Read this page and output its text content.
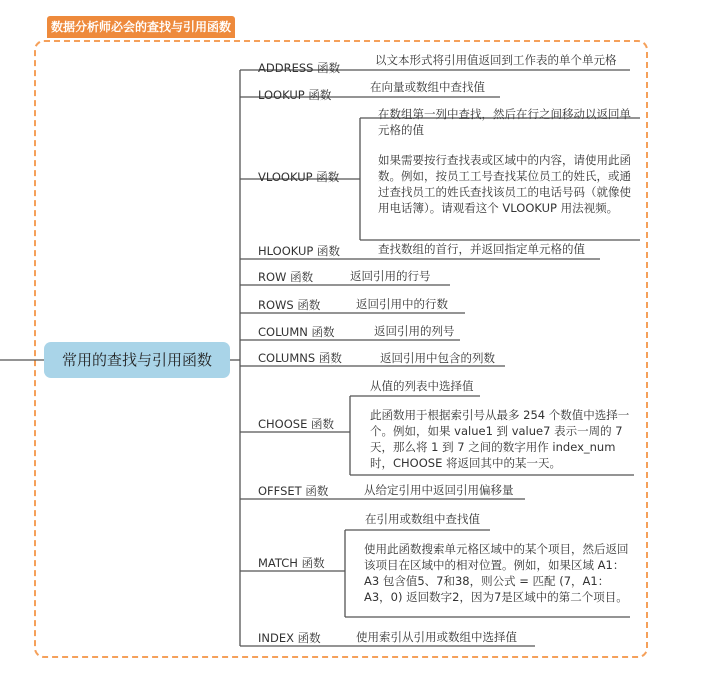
数据分析师必会的查找与引用函数
常用的查找与引用函数
ADDRESS 函数
以文本形式将引用值返回到工作表的单个单元格
LOOKUP 函数
在向量或数组中查找值
VLOOKUP 函数
在数组第一列中查找，然后在行之间移动以返回单元格的值
如果需要按行查找表或区域中的内容，请使用此函数。例如，按员工工号查找某位员工的姓氏，或通过查找员工的姓氏查找该员工的电话号码（就像使用电话簿）。请观看这个 VLOOKUP 用法视频。
HLOOKUP 函数	查找数组的首行，并返回指定单元格的值
ROW 函数	返回引用的行号
ROWS 函数	返回引用中的行数
COLUMN 函数	返回引用的列号
COLUMNS 函数	返回引用中包含的列数
CHOOSE 函数
从值的列表中选择值
此函数用于根据索引号从最多 254 个数值中选择一个。例如，如果 value1 到 value7 表示一周的 7 天，那么将 1 到 7 之间的数字用作 index_num 时，CHOOSE 将返回其中的某一天。
OFFSET 函数	从给定引用中返回引用偏移量
MATCH 函数
在引用或数组中查找值
使用此函数搜索单元格区域中的某个项目，然后返回该项目在区域中的相对位置。例如，如果区域 A1： A3 包含值5、7和38，则公式 = 匹配 (7，A1： A3，0) 返回数字2，因为7是区域中的第二个项目。
INDEX 函数	使用索引从引用或数组中选择值
